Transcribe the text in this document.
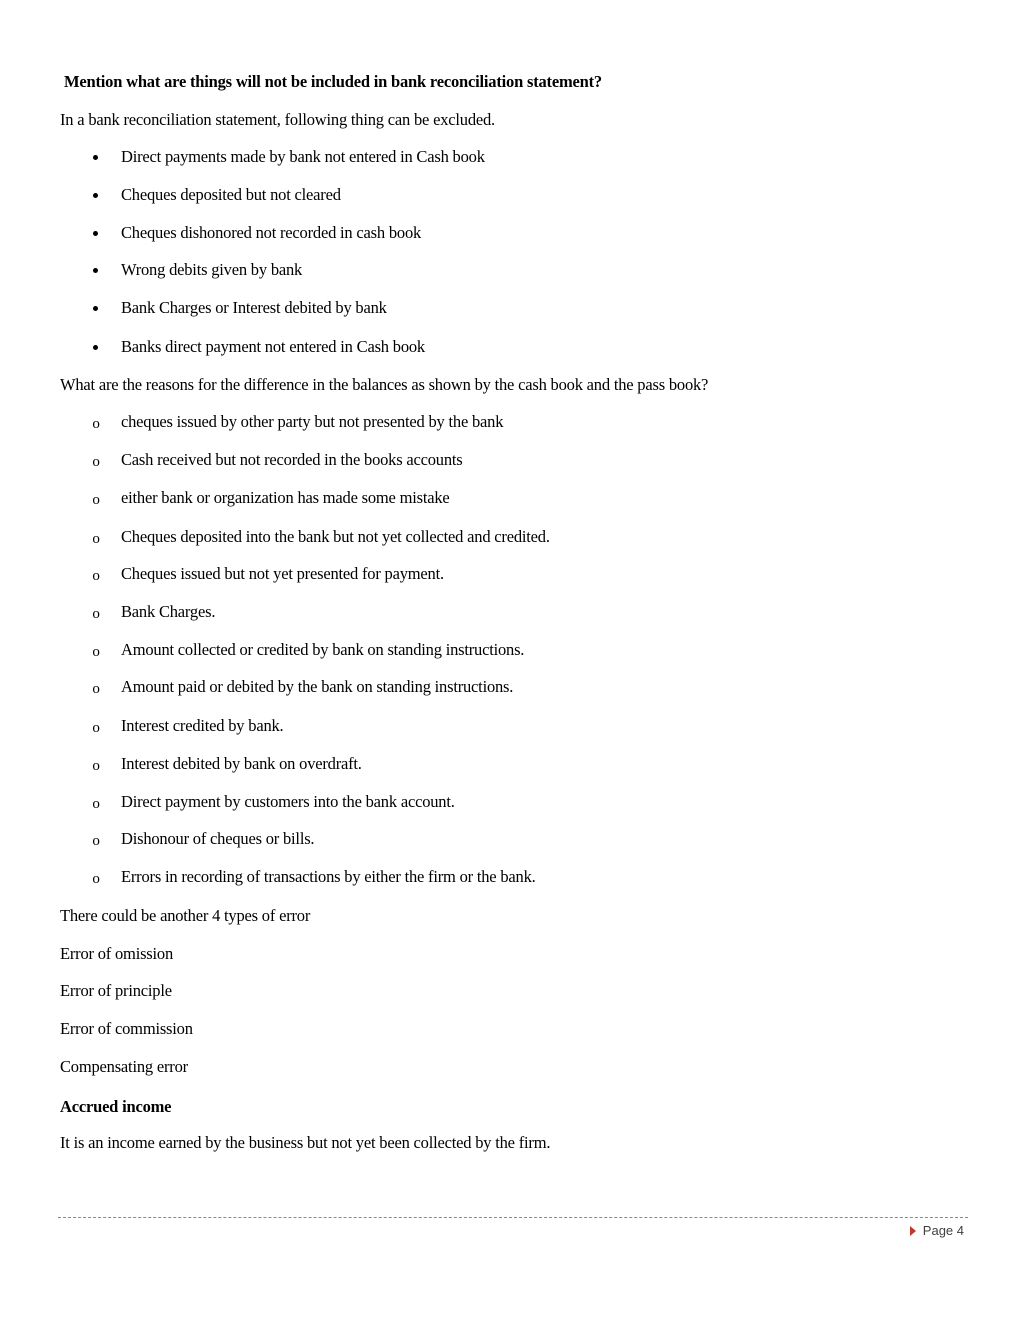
Mention what are things will not be included in bank reconciliation statement?
In a bank reconciliation statement, following thing can be excluded.
Direct payments made by bank not entered in Cash book
Cheques deposited but not cleared
Cheques dishonored not recorded in cash book
Wrong debits given by bank
Bank Charges or Interest debited by bank
Banks direct payment not entered in Cash book
What are the reasons for the difference in the balances as shown by the cash book and the pass book?
o cheques issued by other party but not presented by the bank
o Cash received but not recorded in the books accounts
o either bank or organization has made some mistake
o Cheques deposited into the bank but not yet collected and credited.
o Cheques issued but not yet presented for payment.
o Bank Charges.
o Amount collected or credited by bank on standing instructions.
o Amount paid or debited by the bank on standing instructions.
o Interest credited by bank.
o Interest debited by bank on overdraft.
o Direct payment by customers into the bank account.
o Dishonour of cheques or bills.
o Errors in recording of transactions by either the firm or the bank.
There could be another 4 types of error
Error of omission
Error of principle
Error of commission
Compensating error
Accrued income
It is an income earned by the business but not yet been collected by the firm.
Page 4
